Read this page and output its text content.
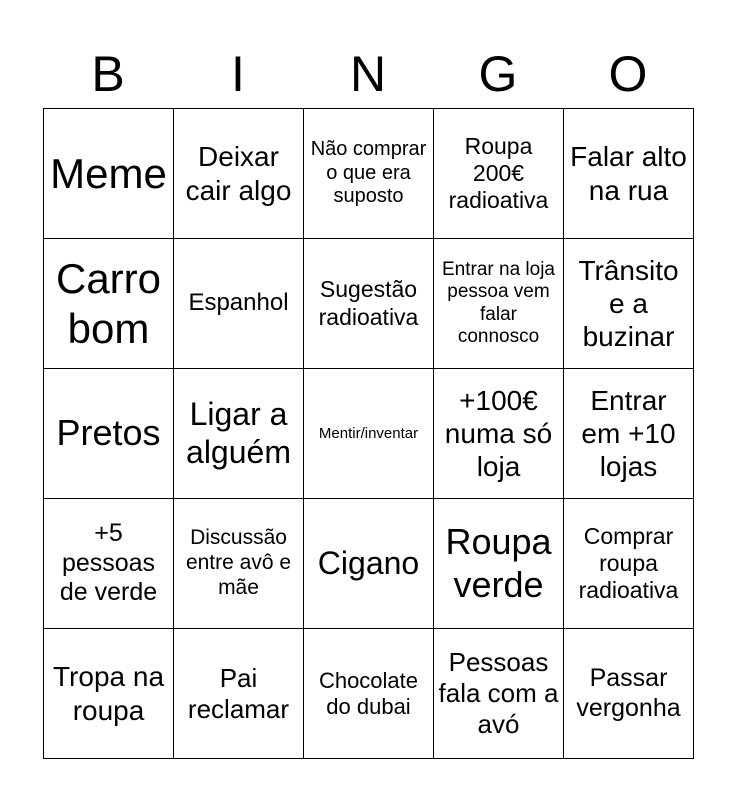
B	I	N	G	O
Meme	Deixar cair algo	Não comprar o que era suposto	Roupa 200€ radioativa	Falar alto na rua
Carro bom	Espanhol	Sugestão radioativa	Entrar na loja pessoa vem falar connosco	Trânsito e a buzinar
Pretos	Ligar a alguém	Mentir/inventar	+100€ numa só loja	Entrar em +10 lojas
+5 pessoas de verde	Discussão entre avô e mãe	Cigano	Roupa verde	Comprar roupa radioativa
Tropa na roupa	Pai reclamar	Chocolate do dubai	Pessoas fala com a avó	Passar vergonha
